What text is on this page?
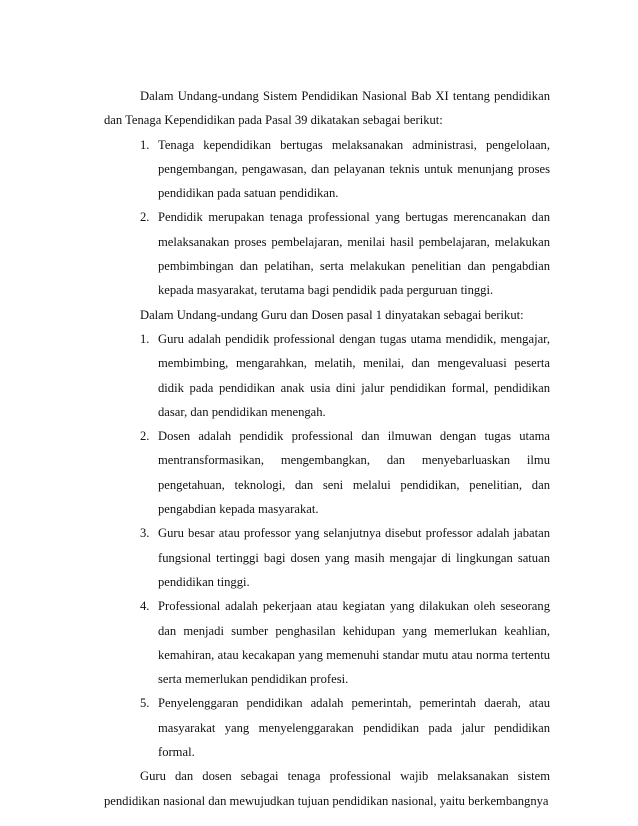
Dalam Undang-undang Sistem Pendidikan Nasional Bab XI tentang pendidikan dan Tenaga Kependidikan pada Pasal 39 dikatakan sebagai berikut:

1. Tenaga kependidikan bertugas melaksanakan administrasi, pengelolaan, pengembangan, pengawasan, dan pelayanan teknis untuk menunjang proses pendidikan pada satuan pendidikan.
2. Pendidik merupakan tenaga professional yang bertugas merencanakan dan melaksanakan proses pembelajaran, menilai hasil pembelajaran, melakukan pembimbingan dan pelatihan, serta melakukan penelitian dan pengabdian kepada masyarakat, terutama bagi pendidik pada perguruan tinggi.

Dalam Undang-undang Guru dan Dosen pasal 1 dinyatakan sebagai berikut:

1. Guru adalah pendidik professional dengan tugas utama mendidik, mengajar, membimbing, mengarahkan, melatih, menilai, dan mengevaluasi peserta didik pada pendidikan anak usia dini jalur pendidikan formal, pendidikan dasar, dan pendidikan menengah.
2. Dosen adalah pendidik professional dan ilmuwan dengan tugas utama mentransformasikan, mengembangkan, dan menyebarluaskan ilmu pengetahuan, teknologi, dan seni melalui pendidikan, penelitian, dan pengabdian kepada masyarakat.
3. Guru besar atau professor yang selanjutnya disebut professor adalah jabatan fungsional tertinggi bagi dosen yang masih mengajar di lingkungan satuan pendidikan tinggi.
4. Professional adalah pekerjaan atau kegiatan yang dilakukan oleh seseorang dan menjadi sumber penghasilan kehidupan yang memerlukan keahlian, kemahiran, atau kecakapan yang memenuhi standar mutu atau norma tertentu serta memerlukan pendidikan profesi.
5. Penyelenggaran pendidikan adalah pemerintah, pemerintah daerah, atau masyarakat yang menyelenggarakan pendidikan pada jalur pendidikan formal.

Guru dan dosen sebagai tenaga professional wajib melaksanakan sistem pendidikan nasional dan mewujudkan tujuan pendidikan nasional, yaitu berkembangnya
